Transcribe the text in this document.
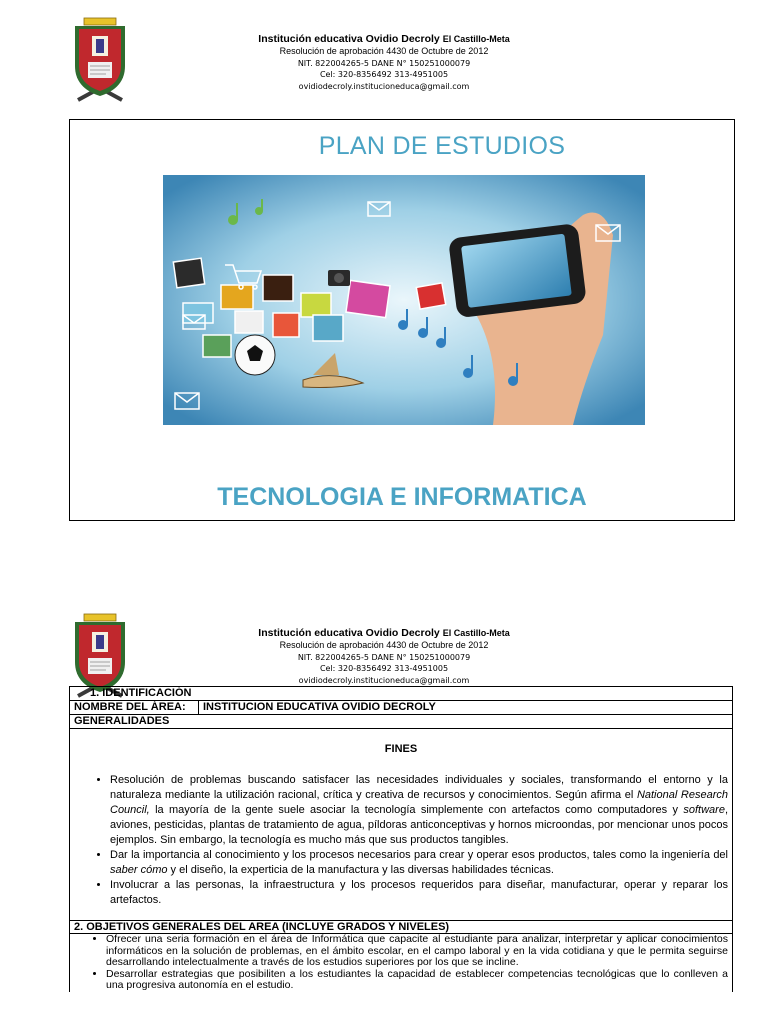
Institución educativa Ovidio Decroly El Castillo-Meta
Resolución de aprobación 4430 de Octubre de 2012
NIT. 822004265-5 DANE N° 150251000079
Cel: 320-8356492 313-4951005
ovidiodecroly.institucioneduca@gmail.com
PLAN DE ESTUDIOS
TECNOLOGIA E INFORMATICA
Institución educativa Ovidio Decroly El Castillo-Meta
Resolución de aprobación 4430 de Octubre de 2012
NIT. 822004265-5 DANE N° 150251000079
Cel: 320-8356492 313-4951005
ovidiodecroly.institucioneduca@gmail.com
1. IDENTIFICACIÓN
NOMBRE DEL ÁREA:	INSTITUCION EDUCATIVA OVIDIO DECROLY
GENERALIDADES
FINES
• Resolución de problemas buscando satisfacer las necesidades individuales y sociales, transformando el entorno y la naturaleza mediante la utilización racional, crítica y creativa de recursos y conocimientos. Según afirma el National Research Council, la mayoría de la gente suele asociar la tecnología simplemente con artefactos como computadores y software, aviones, pesticidas, plantas de tratamiento de agua, píldoras anticonceptivas y hornos microondas, por mencionar unos pocos ejemplos. Sin embargo, la tecnología es mucho más que sus productos tangibles.
• Dar la importancia al conocimiento y los procesos necesarios para crear y operar esos productos, tales como la ingeniería del saber cómo y el diseño, la experticia de la manufactura y las diversas habilidades técnicas.
• Involucrar a las personas, la infraestructura y los procesos requeridos para diseñar, manufacturar, operar y reparar los artefactos.
2. OBJETIVOS GENERALES DEL AREA (INCLUYE GRADOS Y NIVELES)
• Ofrecer una seria formación en el área de Informática que capacite al estudiante para analizar, interpretar y aplicar conocimientos informáticos en la solución de problemas, en el ámbito escolar, en el campo laboral y en la vida cotidiana y que le permita seguirse desarrollando intelectualmente a través de los estudios superiores por los que se incline.
• Desarrollar estrategias que posibiliten a los estudiantes la capacidad de establecer competencias tecnológicas que lo conlleven a una progresiva autonomía en el estudio.
